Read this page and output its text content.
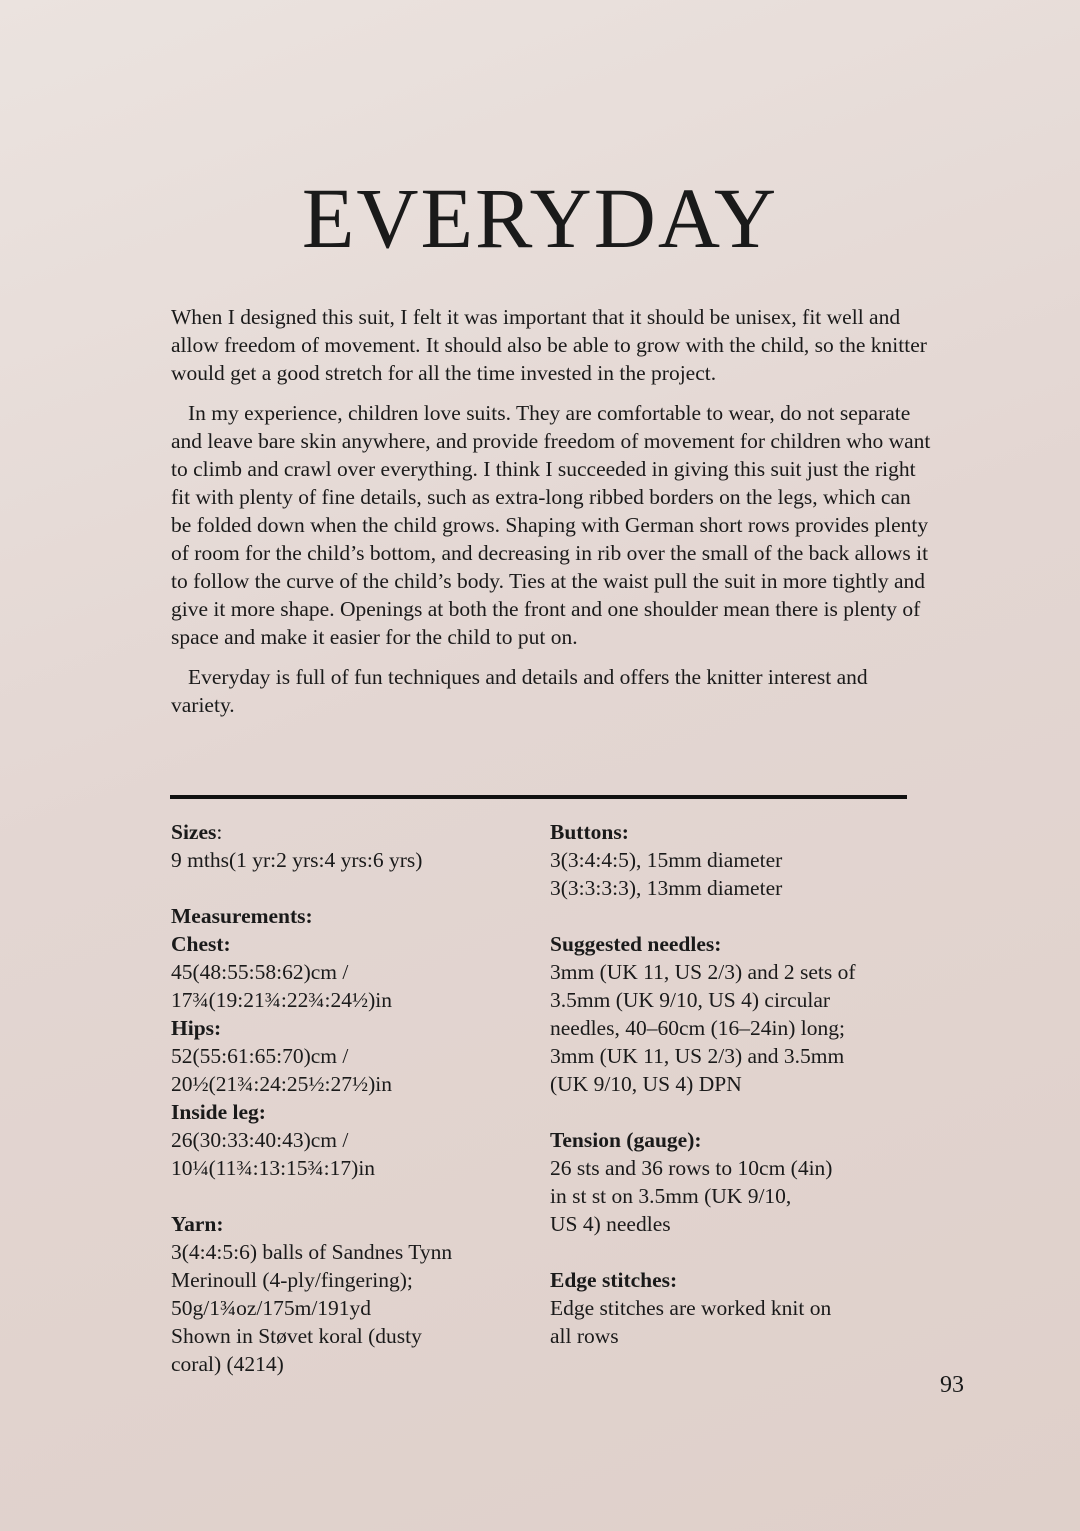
EVERYDAY

When I designed this suit, I felt it was important that it should be unisex, fit well and allow freedom of movement. It should also be able to grow with the child, so the knitter would get a good stretch for all the time invested in the project.

In my experience, children love suits. They are comfortable to wear, do not separate and leave bare skin anywhere, and provide freedom of movement for children who want to climb and crawl over everything. I think I succeeded in giving this suit just the right fit with plenty of fine details, such as extra-long ribbed borders on the legs, which can be folded down when the child grows. Shaping with German short rows provides plenty of room for the child’s bottom, and decreasing in rib over the small of the back allows it to follow the curve of the child’s body. Ties at the waist pull the suit in more tightly and give it more shape. Openings at both the front and one shoulder mean there is plenty of space and make it easier for the child to put on.

Everyday is full of fun techniques and details and offers the knitter interest and variety.

Sizes:
9 mths(1 yr:2 yrs:4 yrs:6 yrs)
Measurements:
Chest:
45(48:55:58:62)cm /
17¾(19:21¾:22¾:24½)in
Hips:
52(55:61:65:70)cm /
20½(21¾:24:25½:27½)in
Inside leg:
26(30:33:40:43)cm /
10¼(11¾:13:15¾:17)in
Yarn:
3(4:4:5:6) balls of Sandnes Tynn
Merinoull (4-ply/fingering);
50g/1¾oz/175m/191yd
Shown in Støvet koral (dusty
coral) (4214)
Buttons:
3(3:4:4:5), 15mm diameter
3(3:3:3:3), 13mm diameter
Suggested needles:
3mm (UK 11, US 2/3) and 2 sets of
3.5mm (UK 9/10, US 4) circular
needles, 40–60cm (16–24in) long;
3mm (UK 11, US 2/3) and 3.5mm
(UK 9/10, US 4) DPN
Tension (gauge):
26 sts and 36 rows to 10cm (4in)
in st st on 3.5mm (UK 9/10,
US 4) needles
Edge stitches:
Edge stitches are worked knit on
all rows
93
